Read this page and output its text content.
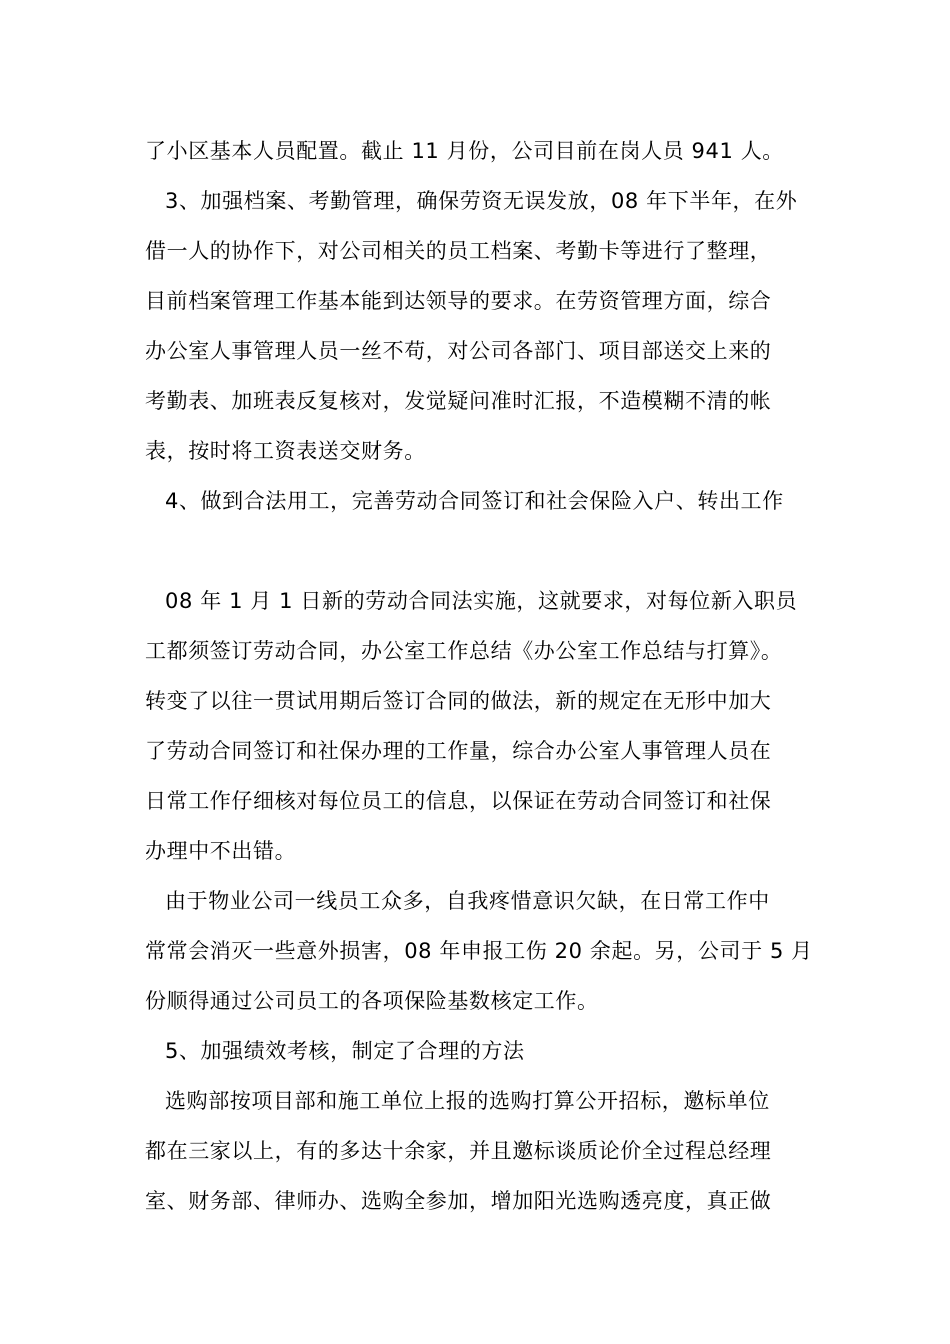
了小区基本人员配置。截止 11 月份，公司目前在岗人员 941 人。
3、加强档案、考勤管理，确保劳资无误发放，08 年下半年，在外
借一人的协作下，对公司相关的员工档案、考勤卡等进行了整理，
目前档案管理工作基本能到达领导的要求。在劳资管理方面，综合
办公室人事管理人员一丝不苟，对公司各部门、项目部送交上来的
考勤表、加班表反复核对，发觉疑问准时汇报，不造模糊不清的帐
表，按时将工资表送交财务。
4、做到合法用工，完善劳动合同签订和社会保险入户、转出工作
08 年 1 月 1 日新的劳动合同法实施，这就要求，对每位新入职员
工都须签订劳动合同，办公室工作总结《办公室工作总结与打算》。
转变了以往一贯试用期后签订合同的做法，新的规定在无形中加大
了劳动合同签订和社保办理的工作量，综合办公室人事管理人员在
日常工作仔细核对每位员工的信息，以保证在劳动合同签订和社保
办理中不出错。
由于物业公司一线员工众多，自我疼惜意识欠缺，在日常工作中
常常会消灭一些意外损害，08 年申报工伤 20 余起。另，公司于 5 月
份顺得通过公司员工的各项保险基数核定工作。
5、加强绩效考核，制定了合理的方法
选购部按项目部和施工单位上报的选购打算公开招标，邀标单位
都在三家以上，有的多达十余家，并且邀标谈质论价全过程总经理
室、财务部、律师办、选购全参加，增加阳光选购透亮度，真正做
